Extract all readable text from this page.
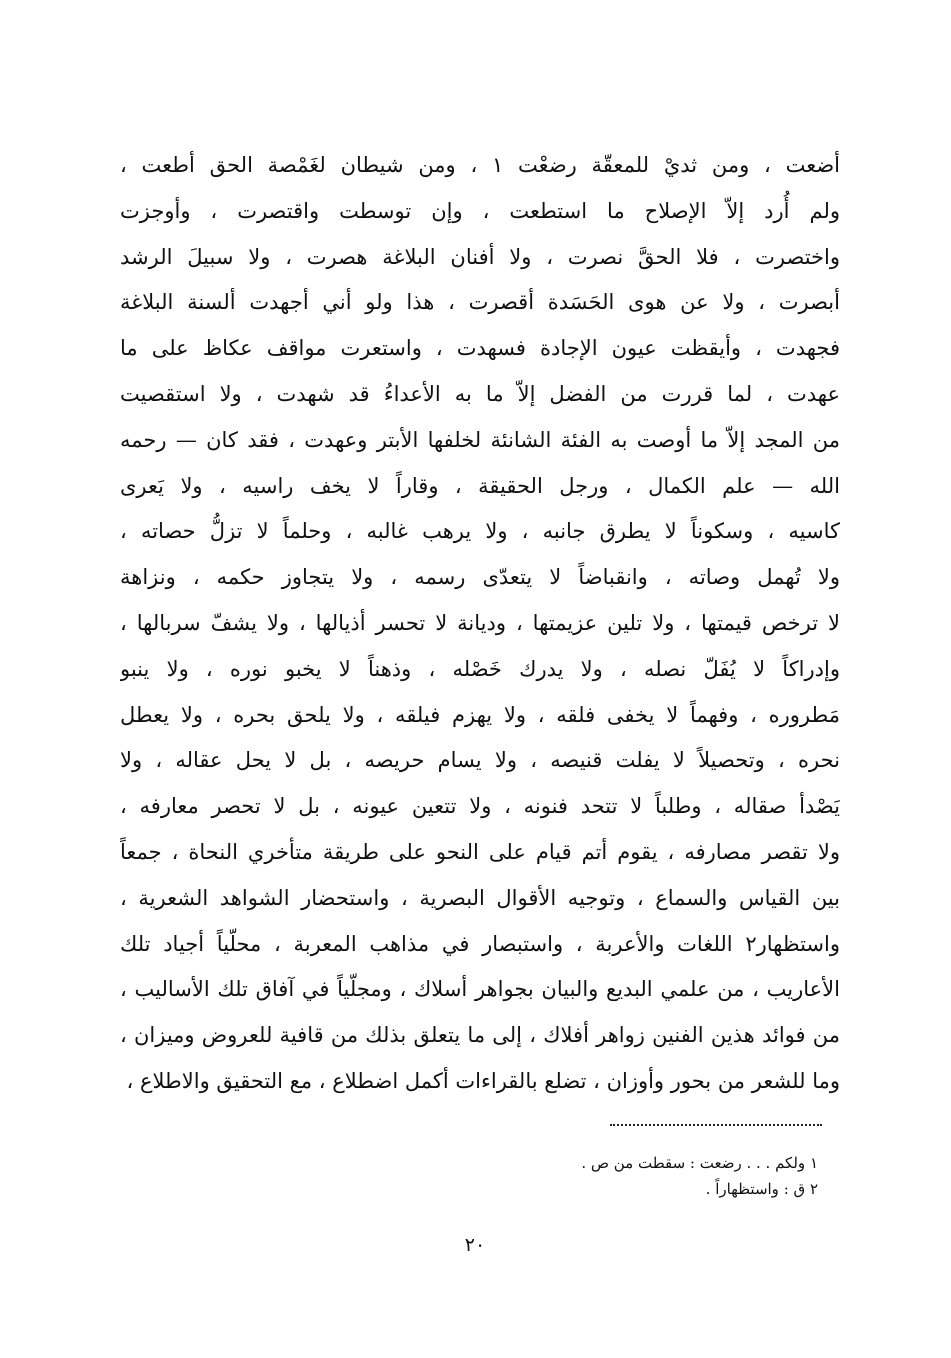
أضعت ، ومن ثديْ للمعقّة رضعْت ١ ، ومن شيطان لغَمْصة الحق أطعت ،
ولم أُرد إلاّ الإصلاح ما استطعت ، وإن توسطت واقتصرت ، وأوجزت
واختصرت ، فلا الحقَّ نصرت ، ولا أفنان البلاغة هصرت ، ولا سبيلَ الرشد
أبصرت ، ولا عن هوى الحَسَدة أقصرت ، هذا ولو أني أجهدت ألسنة البلاغة
فجهدت ، وأيقظت عيون الإجادة فسهدت ، واستعرت مواقف عكاظ على ما
عهدت ، لما قررت من الفضل إلاّ ما به الأعداءُ قد شهدت ، ولا استقصيت
من المجد إلاّ ما أوصت به الفئة الشانئة لخلفها الأبتر وعهدت ، فقد كان — رحمه
الله — علم الكمال ، ورجل الحقيقة ، وقاراً لا يخف راسيه ، ولا يَعرى
كاسيه ، وسكوناً لا يطرق جانبه ، ولا يرهب غالبه ، وحلماً لا تزلُّ حصاته ،
ولا تُهمل وصاته ، وانقباضاً لا يتعدّى رسمه ، ولا يتجاوز حكمه ، ونزاهة
لا ترخص قيمتها ، ولا تلين عزيمتها ، وديانة لا تحسر أذيالها ، ولا يشفّ سربالها ،
وإدراكاً لا يُفَلّ نصله ، ولا يدرك خَصْله ، وذهناً لا يخبو نوره ، ولا ينبو
مَطروره ، وفهماً لا يخفى فلقه ، ولا يهزم فيلقه ، ولا يلحق بحره ، ولا يعطل
نحره ، وتحصيلاً لا يفلت قنيصه ، ولا يسام حريصه ، بل لا يحل عقاله ، ولا
يَصْدأ صقاله ، وطلباً لا تتحد فنونه ، ولا تتعين عيونه ، بل لا تحصر معارفه ،
ولا تقصر مصارفه ، يقوم أتم قيام على النحو على طريقة متأخري النحاة ، جمعاً
بين القياس والسماع ، وتوجيه الأقوال البصرية ، واستحضار الشواهد الشعرية ،
واستظهار٢ اللغات والأعربة ، واستبصار في مذاهب المعربة ، محلّياً أجياد تلك
الأعاريب ، من علمي البديع والبيان بجواهر أسلاك ، ومجلّياً في آفاق تلك الأساليب ،
من فوائد هذين الفنين زواهر أفلاك ، إلى ما يتعلق بذلك من قافية للعروض وميزان ،
وما للشعر من بحور وأوزان ، تضلع بالقراءات أكمل اضطلاع ، مع التحقيق والاطلاع ،
١ ولكم . . . رضعت : سقطت من ص .
٢ ق : واستظهاراً .
٢٠
